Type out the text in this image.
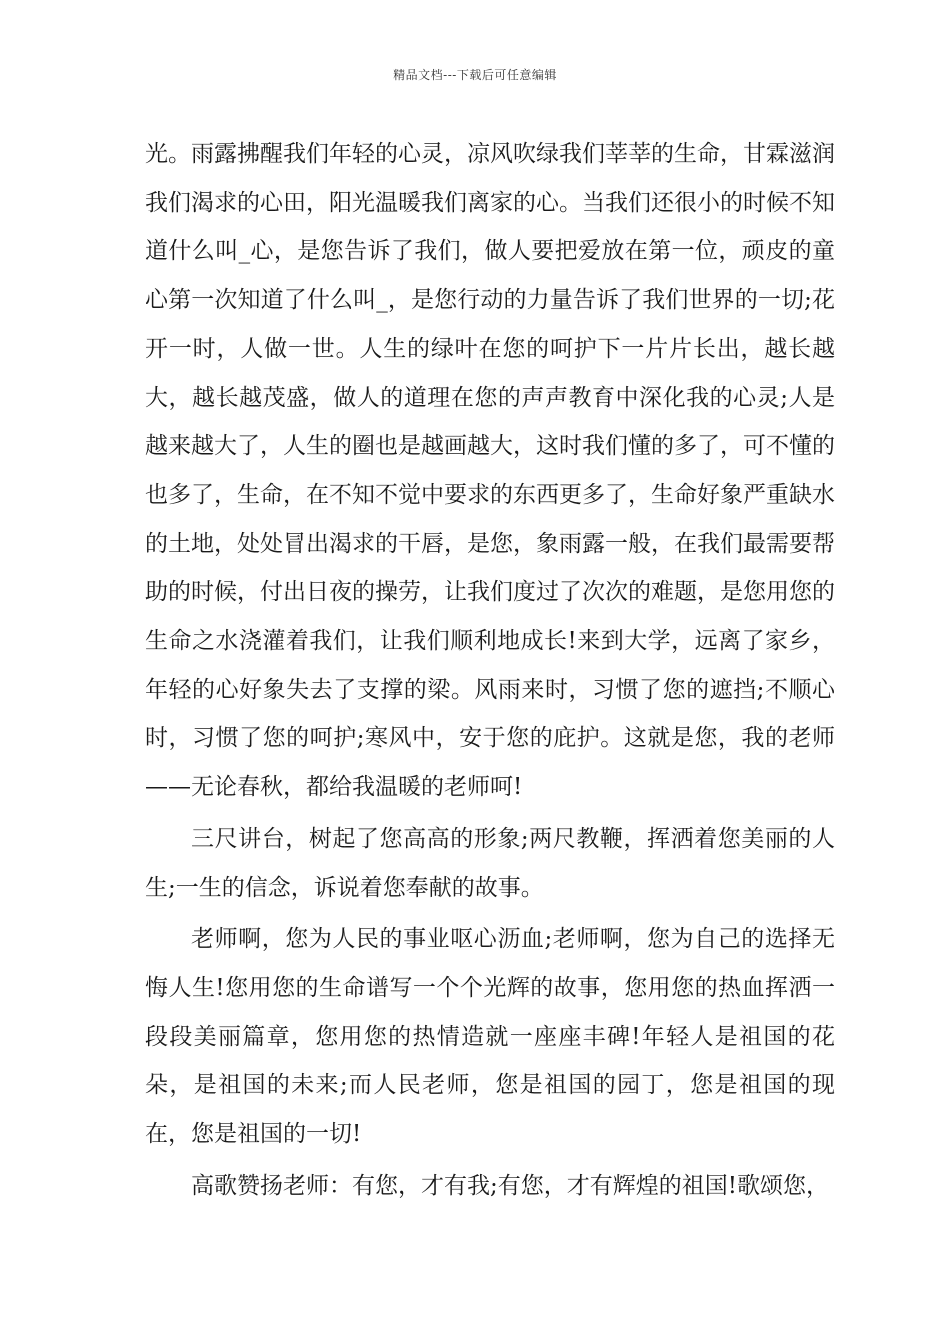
精品文档---下载后可任意编辑

光。雨露拂醒我们年轻的心灵，凉风吹绿我们莘莘的生命，甘霖滋润我们渴求的心田，阳光温暖我们离家的心。当我们还很小的时候不知道什么叫_心，是您告诉了我们，做人要把爱放在第一位，顽皮的童心第一次知道了什么叫_，是您行动的力量告诉了我们世界的一切;花开一时，人做一世。人生的绿叶在您的呵护下一片片长出，越长越大，越长越茂盛，做人的道理在您的声声教育中深化我的心灵;人是越来越大了，人生的圈也是越画越大，这时我们懂的多了，可不懂的也多了，生命，在不知不觉中要求的东西更多了，生命好象严重缺水的土地，处处冒出渴求的干唇，是您，象雨露一般，在我们最需要帮助的时候，付出日夜的操劳，让我们度过了次次的难题，是您用您的生命之水浇灌着我们，让我们顺利地成长!来到大学，远离了家乡，年轻的心好象失去了支撑的梁。风雨来时，习惯了您的遮挡;不顺心时，习惯了您的呵护;寒风中，安于您的庇护。这就是您，我的老师——无论春秋，都给我温暖的老师呵!

三尺讲台，树起了您高高的形象;两尺教鞭，挥洒着您美丽的人生;一生的信念，诉说着您奉献的故事。

老师啊，您为人民的事业呕心沥血;老师啊，您为自己的选择无悔人生!您用您的生命谱写一个个光辉的故事，您用您的热血挥洒一段段美丽篇章，您用您的热情造就一座座丰碑!年轻人是祖国的花朵，是祖国的未来;而人民老师，您是祖国的园丁，您是祖国的现在，您是祖国的一切!

高歌赞扬老师：有您，才有我;有您，才有辉煌的祖国!歌颂您，
